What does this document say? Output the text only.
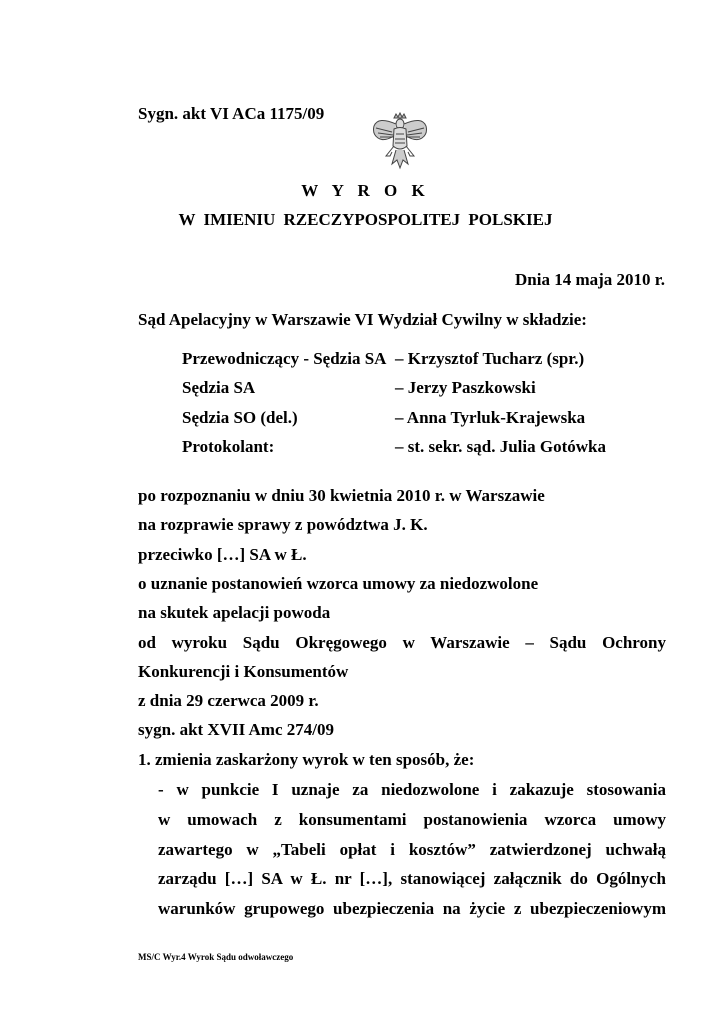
Sygn. akt VI ACa 1175/09
W Y R O K
W IMIENIU RZECZYPOSPOLITEJ POLSKIEJ
Dnia 14 maja 2010 r.
Sąd Apelacyjny w Warszawie VI Wydział Cywilny w składzie:
Przewodniczący - Sędzia SA – Krzysztof Tucharz (spr.)
Sędzia SA	– Jerzy Paszkowski
Sędzia SO (del.)	– Anna Tyrluk-Krajewska
Protokolant:	– st. sekr. sąd. Julia Gotówka
po rozpoznaniu w dniu 30 kwietnia 2010 r. w Warszawie
na rozprawie sprawy z powództwa J. K.
przeciwko […] SA w Ł.
o uznanie postanowień wzorca umowy za niedozwolone
na skutek apelacji powoda
od wyroku Sądu Okręgowego w Warszawie – Sądu Ochrony
Konkurencji i Konsumentów
z dnia 29 czerwca 2009 r.
sygn. akt XVII Amc 274/09
1. zmienia zaskarżony wyrok w ten sposób, że:
- w punkcie I uznaje za niedozwolone i zakazuje stosowania
w umowach z konsumentami postanowienia wzorca umowy
zawartego w „Tabeli opłat i kosztów” zatwierdzonej uchwałą
zarządu […] SA w Ł. nr […], stanowiącej załącznik do Ogólnych
warunków grupowego ubezpieczenia na życie z ubezpieczeniowym
MS/C Wyr.4 Wyrok Sądu odwoławczego
